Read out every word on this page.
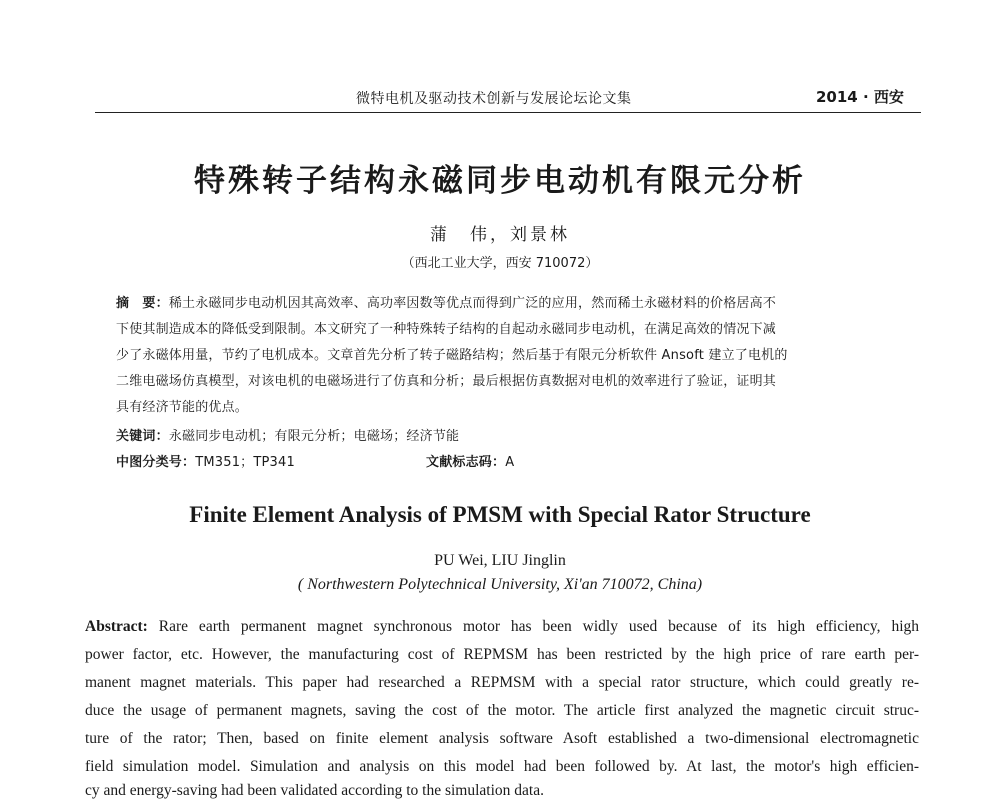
微特电机及驱动技术创新与发展论坛论文集	2014 · 西安
特殊转子结构永磁同步电动机有限元分析
蒲　伟，刘景林
（西北工业大学，西安 710072）
摘　要：稀土永磁同步电动机因其高效率、高功率因数等优点而得到广泛的应用，然而稀土永磁材料的价格居高不
下使其制造成本的降低受到限制。本文研究了一种特殊转子结构的自起动永磁同步电动机，在满足高效的情况下减
少了永磁体用量，节约了电机成本。文章首先分析了转子磁路结构；然后基于有限元分析软件 Ansoft 建立了电机的
二维电磁场仿真模型，对该电机的电磁场进行了仿真和分析；最后根据仿真数据对电机的效率进行了验证，证明其
具有经济节能的优点。
关键词：永磁同步电动机；有限元分析；电磁场；经济节能
中图分类号：TM351；TP341	文献标志码：A
Finite Element Analysis of PMSM with Special Rator Structure
PU Wei, LIU Jinglin
( Northwestern Polytechnical University, Xi'an 710072, China)
Abstract: Rare earth permanent magnet synchronous motor has been widly used because of its high efficiency, high
power factor, etc. However, the manufacturing cost of REPMSM has been restricted by the high price of rare earth per-
manent magnet materials. This paper had researched a REPMSM with a special rator structure, which could greatly re-
duce the usage of permanent magnets, saving the cost of the motor. The article first analyzed the magnetic circuit struc-
ture of the rator; Then, based on finite element analysis software Asoft established a two-dimensional electromagnetic
field simulation model. Simulation and analysis on this model had been followed by. At last, the motor's high efficien-
cy and energy-saving had been validated according to the simulation data.
